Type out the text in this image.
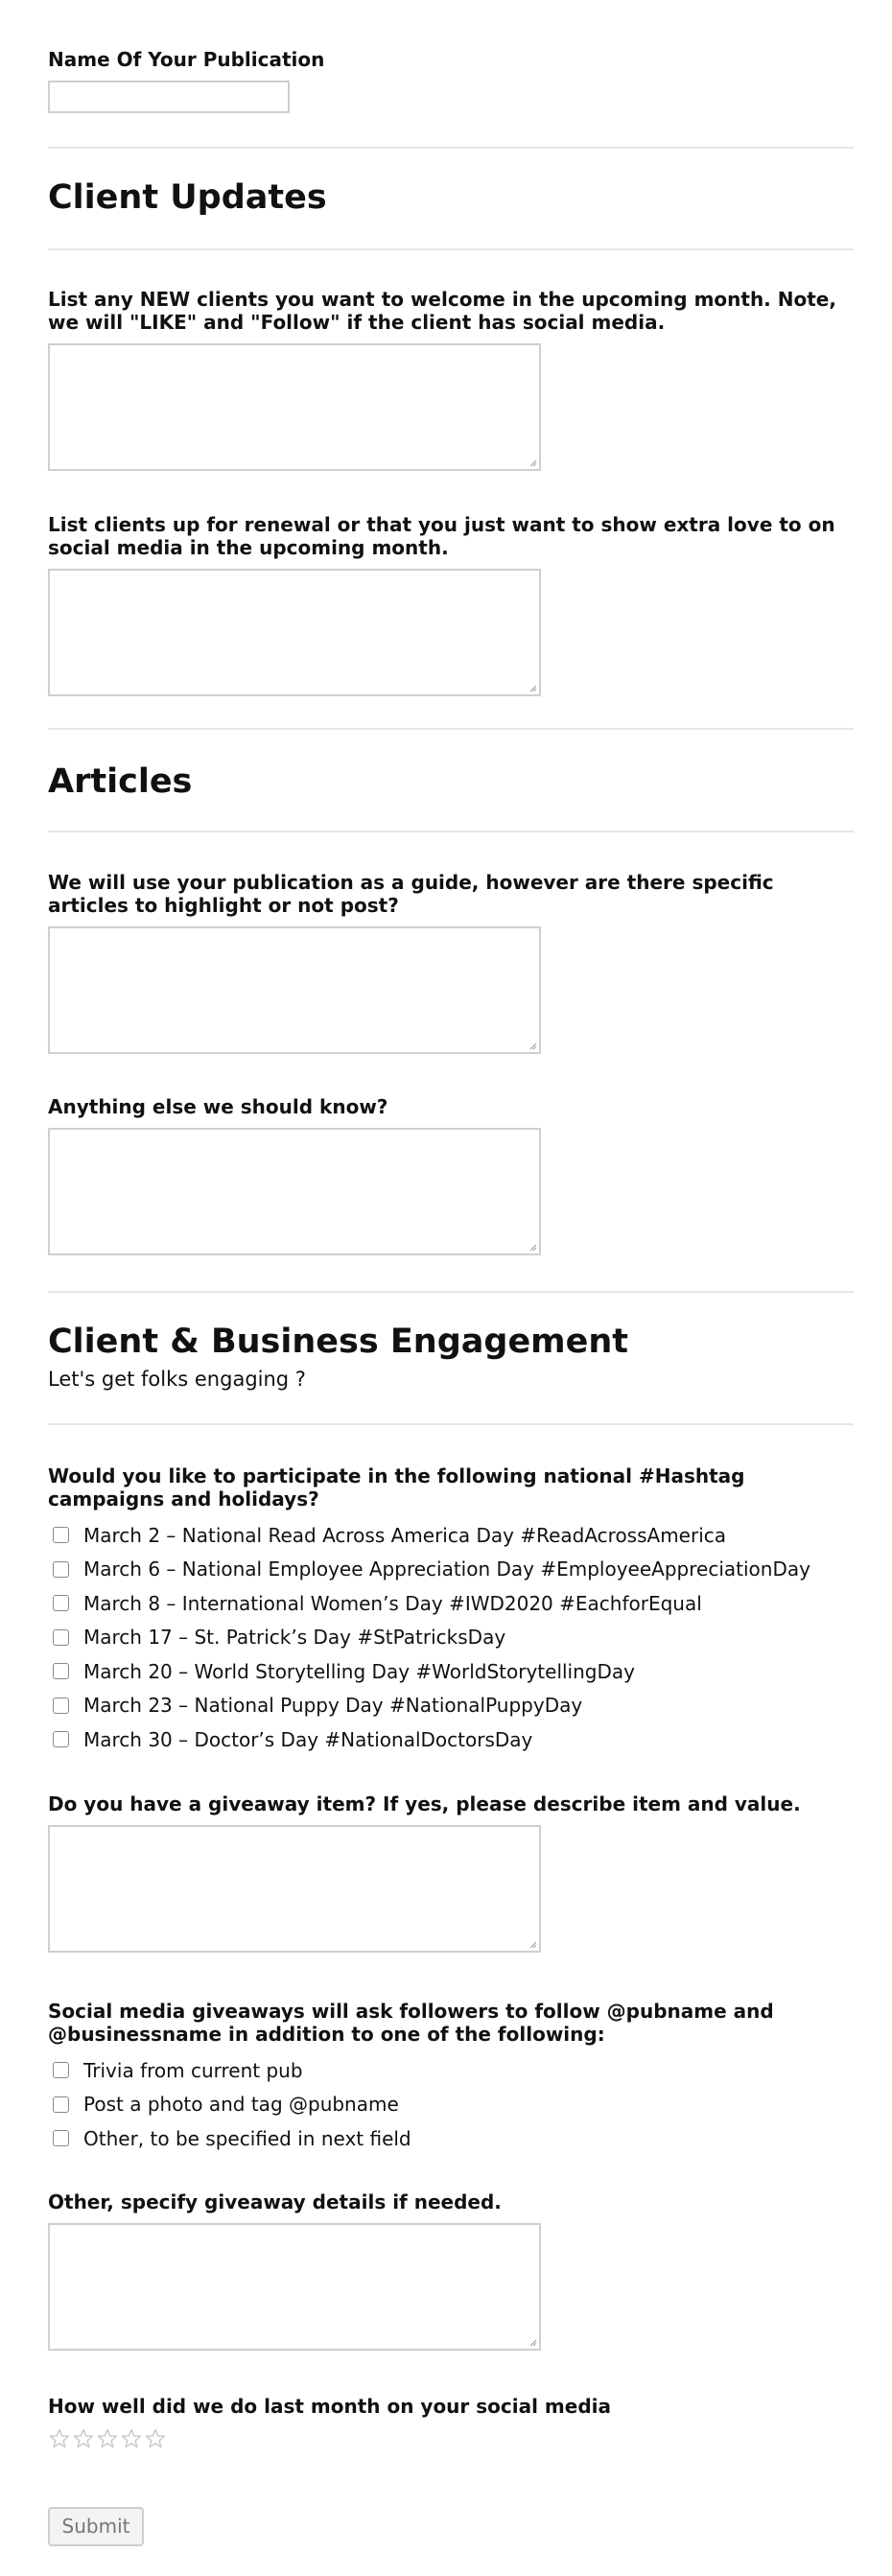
Name Of Your Publication
Client Updates
List any NEW clients you want to welcome in the upcoming month. Note, we will "LIKE" and "Follow" if the client has social media.
List clients up for renewal or that you just want to show extra love to on social media in the upcoming month.
Articles
We will use your publication as a guide, however are there specific articles to highlight or not post?
Anything else we should know?
Client & Business Engagement

Let's get folks engaging ?

Would you like to participate in the following national #Hashtag campaigns and holidays?
March 2 – National Read Across America Day #ReadAcrossAmerica
March 6 – National Employee Appreciation Day #EmployeeAppreciationDay
March 8 – International Women’s Day #IWD2020 #EachforEqual
March 17 – St. Patrick’s Day #StPatricksDay
March 20 – World Storytelling Day #WorldStorytellingDay
March 23 – National Puppy Day #NationalPuppyDay
March 30 – Doctor’s Day #NationalDoctorsDay
Do you have a giveaway item? If yes, please describe item and value.
Social media giveaways will ask followers to follow @pubname and @businessname in addition to one of the following:
Trivia from current pub
Post a photo and tag @pubname
Other, to be specified in next field
Other, specify giveaway details if needed.
How well did we do last month on your social media
Submit
